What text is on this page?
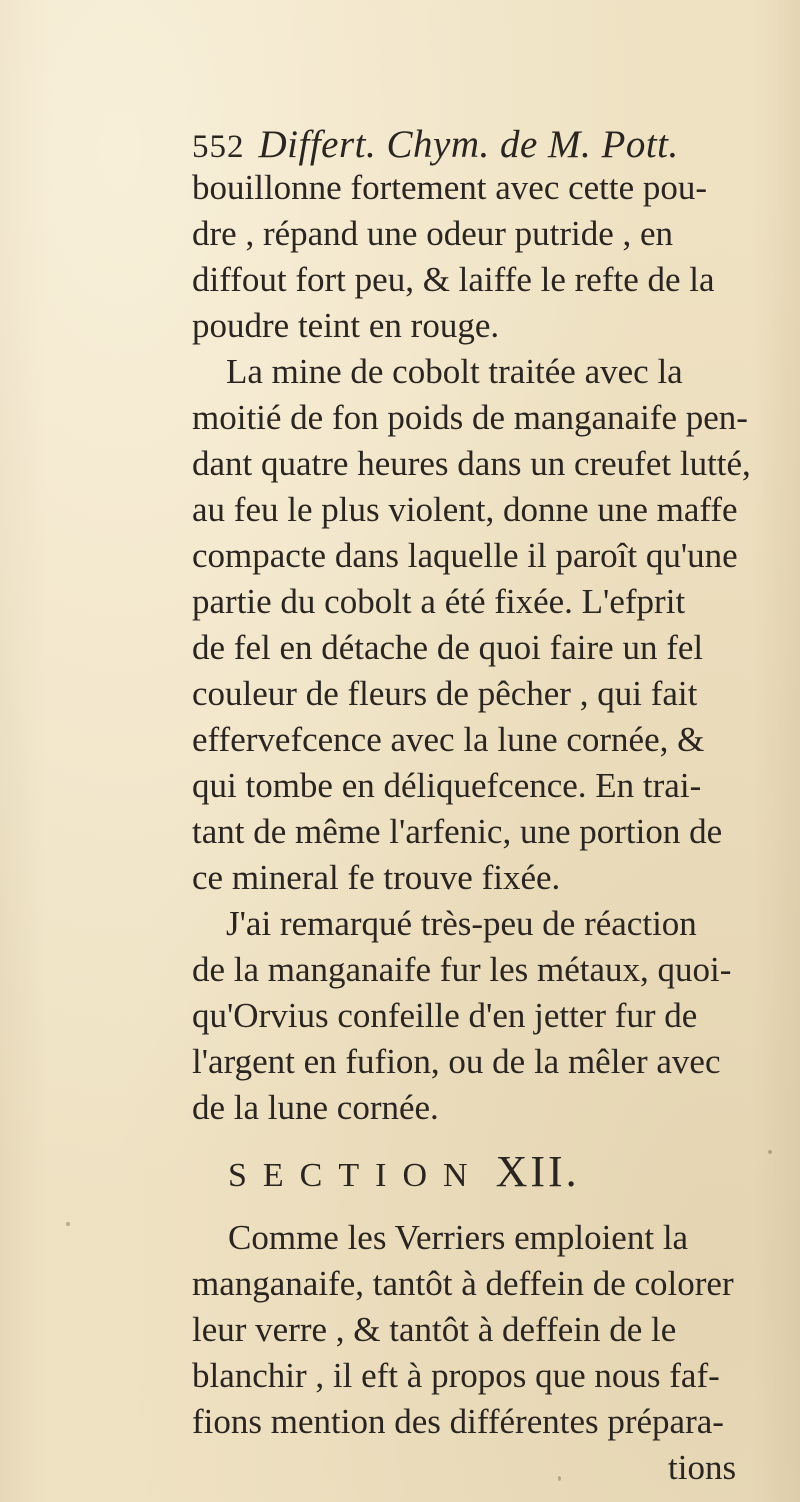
552 Differt. Chym. de M. Pott.
bouillonne fortement avec cette pou-
dre , répand une odeur putride , en
diffout fort peu, & laiffe le refte de la
poudre teint en rouge.
La mine de cobolt traitée avec la
moitié de fon poids de manganaife pen-
dant quatre heures dans un creufet lutté,
au feu le plus violent, donne une maffe
compacte dans laquelle il paroît qu'une
partie du cobolt a été fixée. L'efprit
de fel en détache de quoi faire un fel
couleur de fleurs de pêcher , qui fait
effervefcence avec la lune cornée, &
qui tombe en déliquefcence. En trai-
tant de même l'arfenic, une portion de
ce mineral fe trouve fixée.
J'ai remarqué très-peu de réaction
de la manganaife fur les métaux, quoi-
qu'Orvius confeille d'en jetter fur de
l'argent en fufion, ou de la mêler avec
de la lune cornée.
SECTION XII.
Comme les Verriers emploient la
manganaife, tantôt à deffein de colorer
leur verre , & tantôt à deffein de le
blanchir , il eft à propos que nous faf-
fions mention des différentes prépara-
tions
